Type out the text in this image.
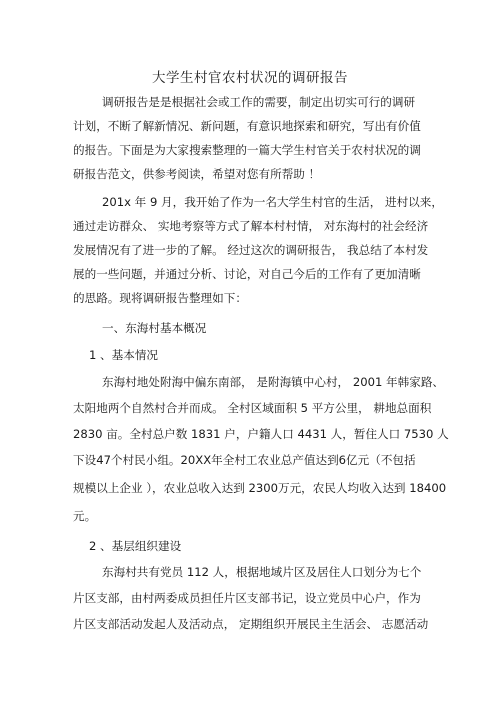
大学生村官农村状况的调研报告
调研报告是是根据社会或工作的需要，制定出切实可行的调研
计划，不断了解新情况、新问题，有意识地探索和研究，写出有价值
的报告。下面是为大家搜索整理的一篇大学生村官关于农村状况的调
研报告范文，供参考阅读，希望对您有所帮助 ！
201x 年 9 月，我开始了作为一名大学生村官的生活， 进村以来，
通过走访群众、 实地考察等方式了解本村村情， 对东海村的社会经济
发展情况有了进一步的了解。 经过这次的调研报告， 我总结了本村发
展的一些问题，并通过分析、讨论，对自己今后的工作有了更加清晰
的思路。现将调研报告整理如下：
一、东海村基本概况
1 、基本情况
东海村地处附海中偏东南部， 是附海镇中心村， 2001 年韩家路、
太阳地两个自然村合并而成。 全村区域面积 5 平方公里， 耕地总面积
2830 亩。全村总户数 1831 户，户籍人口 4431 人，暂住人口 7530 人
下设47个村民小组。20XX年全村工农业总产值达到6亿元（不包括
规模以上企业 ），农业总收入达到 2300万元，农民人均收入达到 18400
元。
2 、基层组织建设
东海村共有党员 112 人，根据地域片区及居住人口划分为七个
片区支部，由村两委成员担任片区支部书记，设立党员中心户，作为
片区支部活动发起人及活动点， 定期组织开展民主生活会、 志愿活动
